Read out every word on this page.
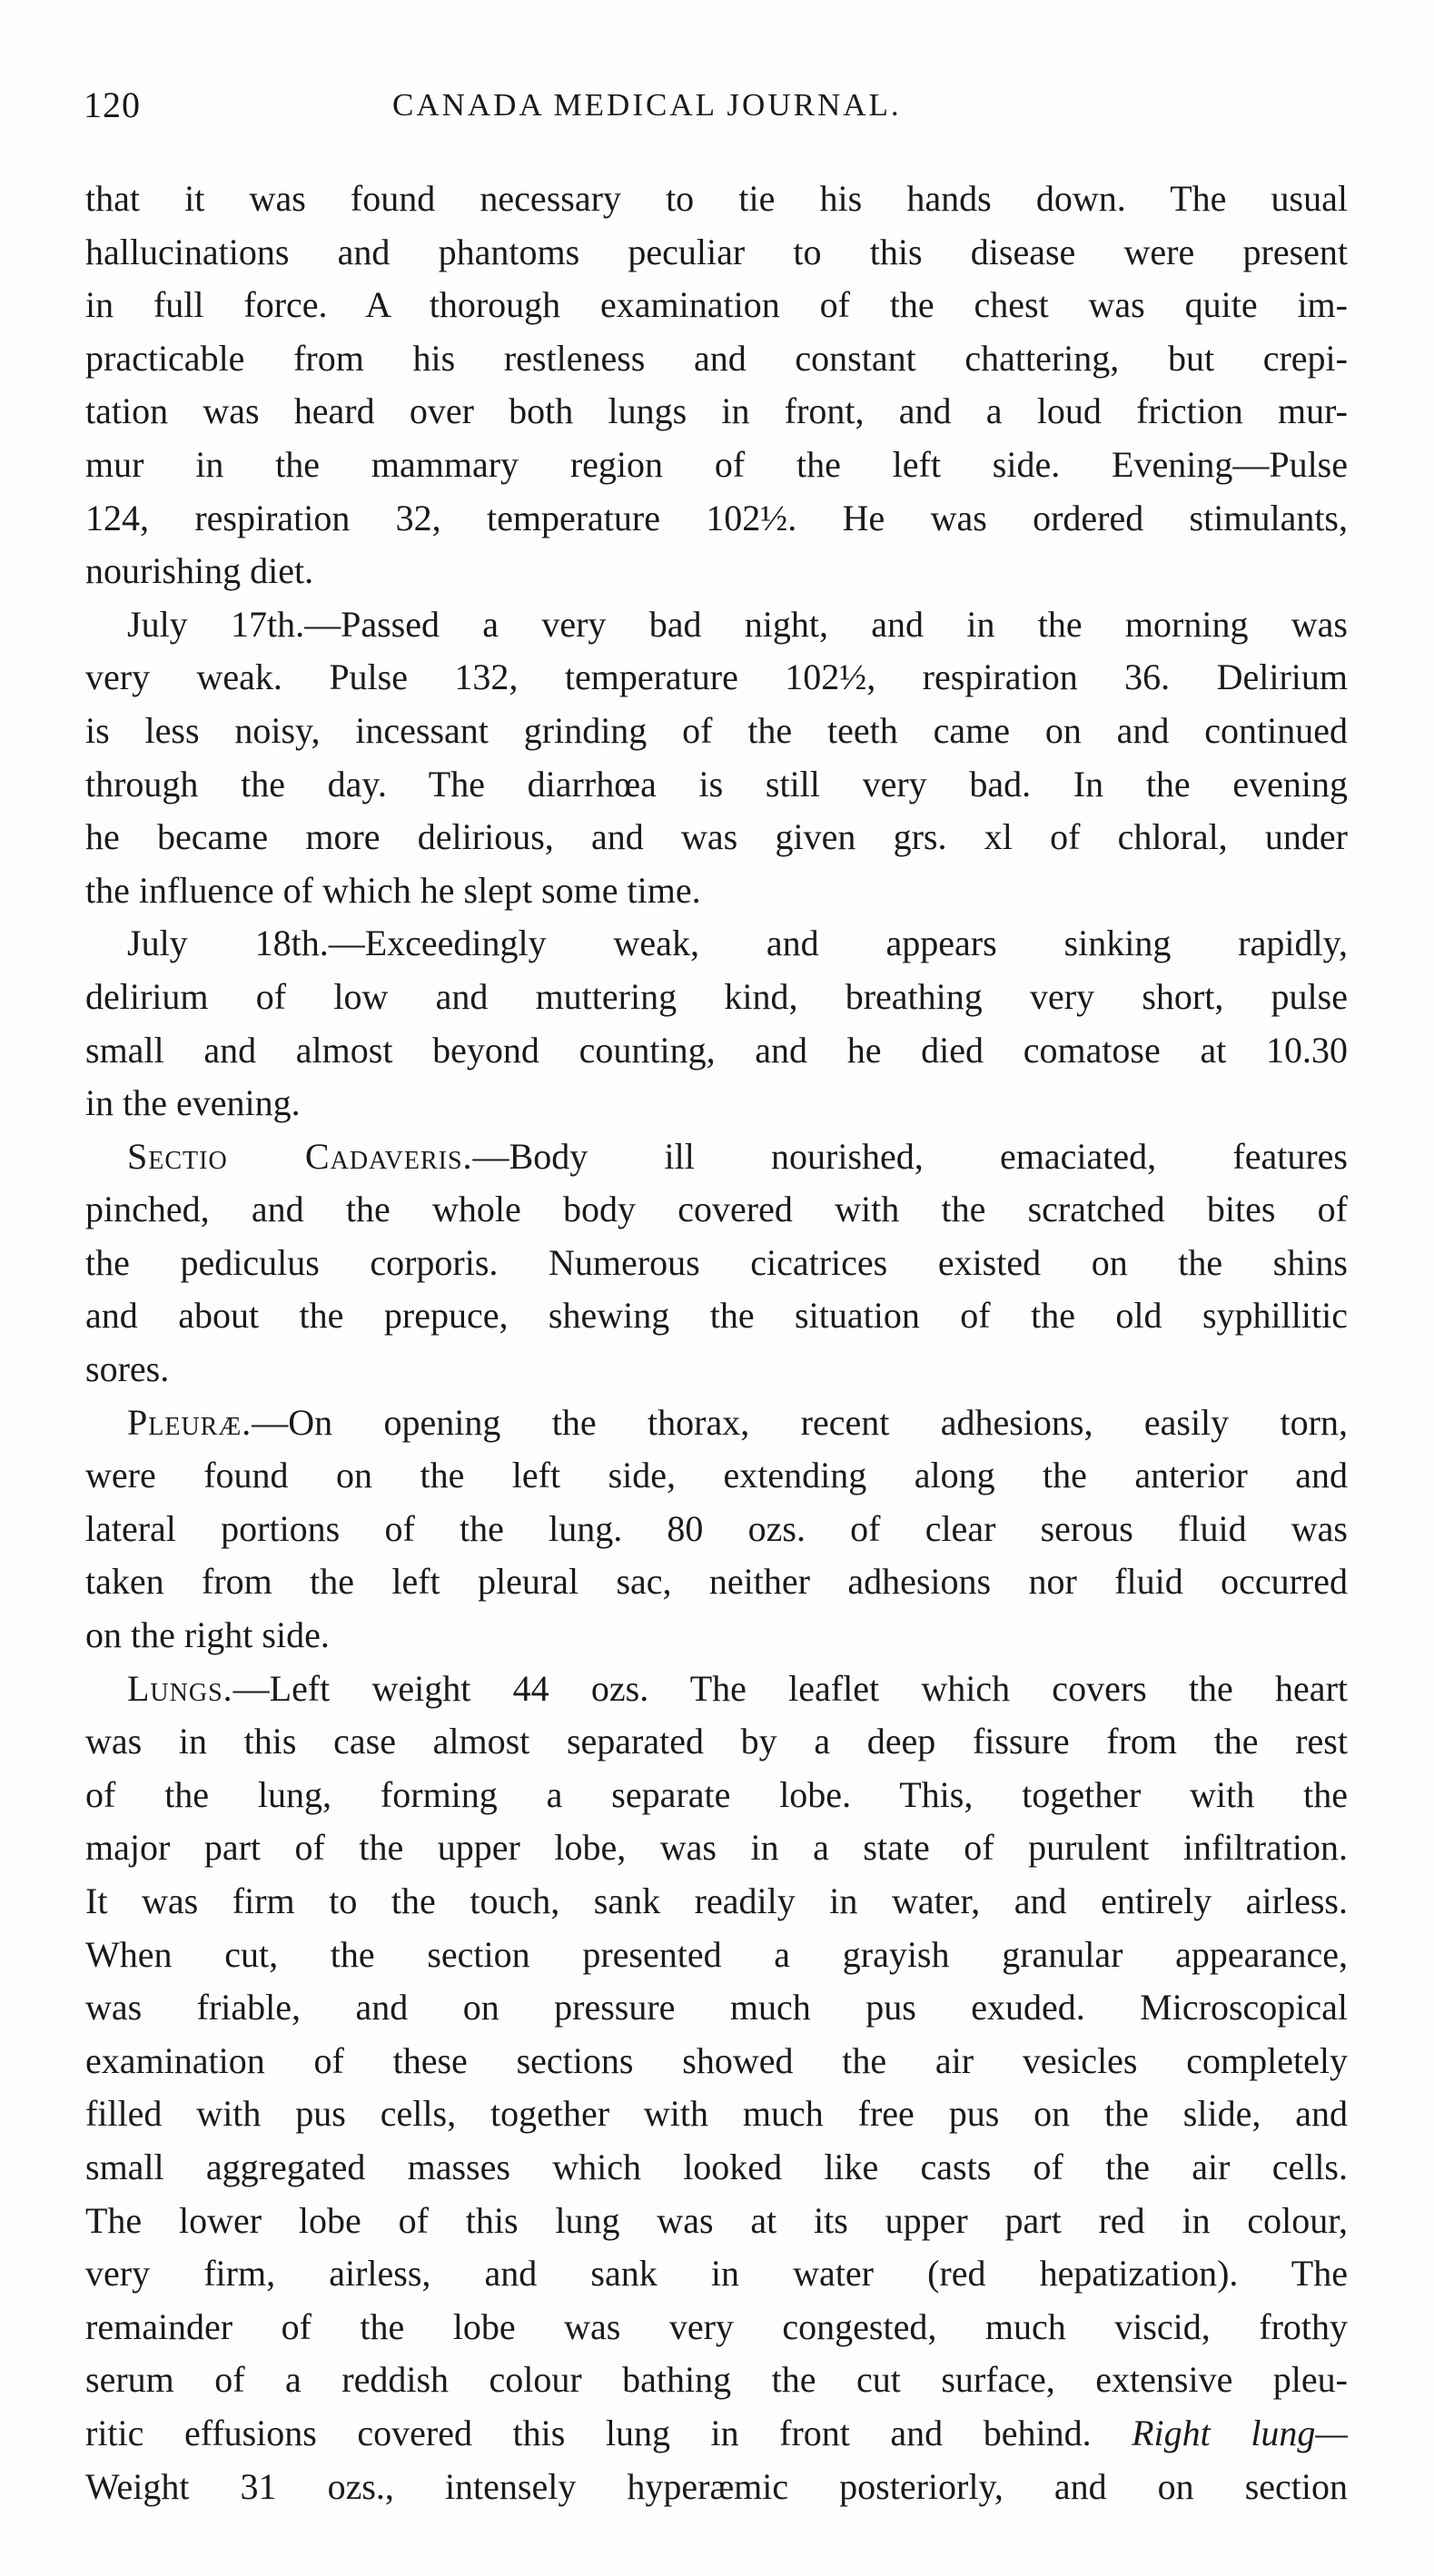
120	CANADA MEDICAL JOURNAL.
that it was found necessary to tie his hands down. The usual
hallucinations and phantoms peculiar to this disease were present
in full force. A thorough examination of the chest was quite im-
practicable from his restleness and constant chattering, but crepi-
tation was heard over both lungs in front, and a loud friction mur-
mur in the mammary region of the left side. Evening—Pulse
124, respiration 32, temperature 102½. He was ordered stimulants,
nourishing diet.
July 17th.—Passed a very bad night, and in the morning was
very weak. Pulse 132, temperature 102½, respiration 36. Delirium
is less noisy, incessant grinding of the teeth came on and continued
through the day. The diarrhœa is still very bad. In the evening
he became more delirious, and was given grs. xl of chloral, under
the influence of which he slept some time.
July 18th.—Exceedingly weak, and appears sinking rapidly,
delirium of low and muttering kind, breathing very short, pulse
small and almost beyond counting, and he died comatose at 10.30
in the evening.
Sectio Cadaveris.—Body ill nourished, emaciated, features
pinched, and the whole body covered with the scratched bites of
the pediculus corporis. Numerous cicatrices existed on the shins
and about the prepuce, shewing the situation of the old syphillitic
sores.
Pleuræ.—On opening the thorax, recent adhesions, easily torn,
were found on the left side, extending along the anterior and
lateral portions of the lung. 80 ozs. of clear serous fluid was
taken from the left pleural sac, neither adhesions nor fluid occurred
on the right side.
Lungs.—Left weight 44 ozs. The leaflet which covers the heart
was in this case almost separated by a deep fissure from the rest
of the lung, forming a separate lobe. This, together with the
major part of the upper lobe, was in a state of purulent infiltration.
It was firm to the touch, sank readily in water, and entirely airless.
When cut, the section presented a grayish granular appearance,
was friable, and on pressure much pus exuded. Microscopical
examination of these sections showed the air vesicles completely
filled with pus cells, together with much free pus on the slide, and
small aggregated masses which looked like casts of the air cells.
The lower lobe of this lung was at its upper part red in colour,
very firm, airless, and sank in water (red hepatization). The
remainder of the lobe was very congested, much viscid, frothy
serum of a reddish colour bathing the cut surface, extensive pleu-
ritic effusions covered this lung in front and behind. Right lung—
Weight 31 ozs., intensely hyperæmic posteriorly, and on section
